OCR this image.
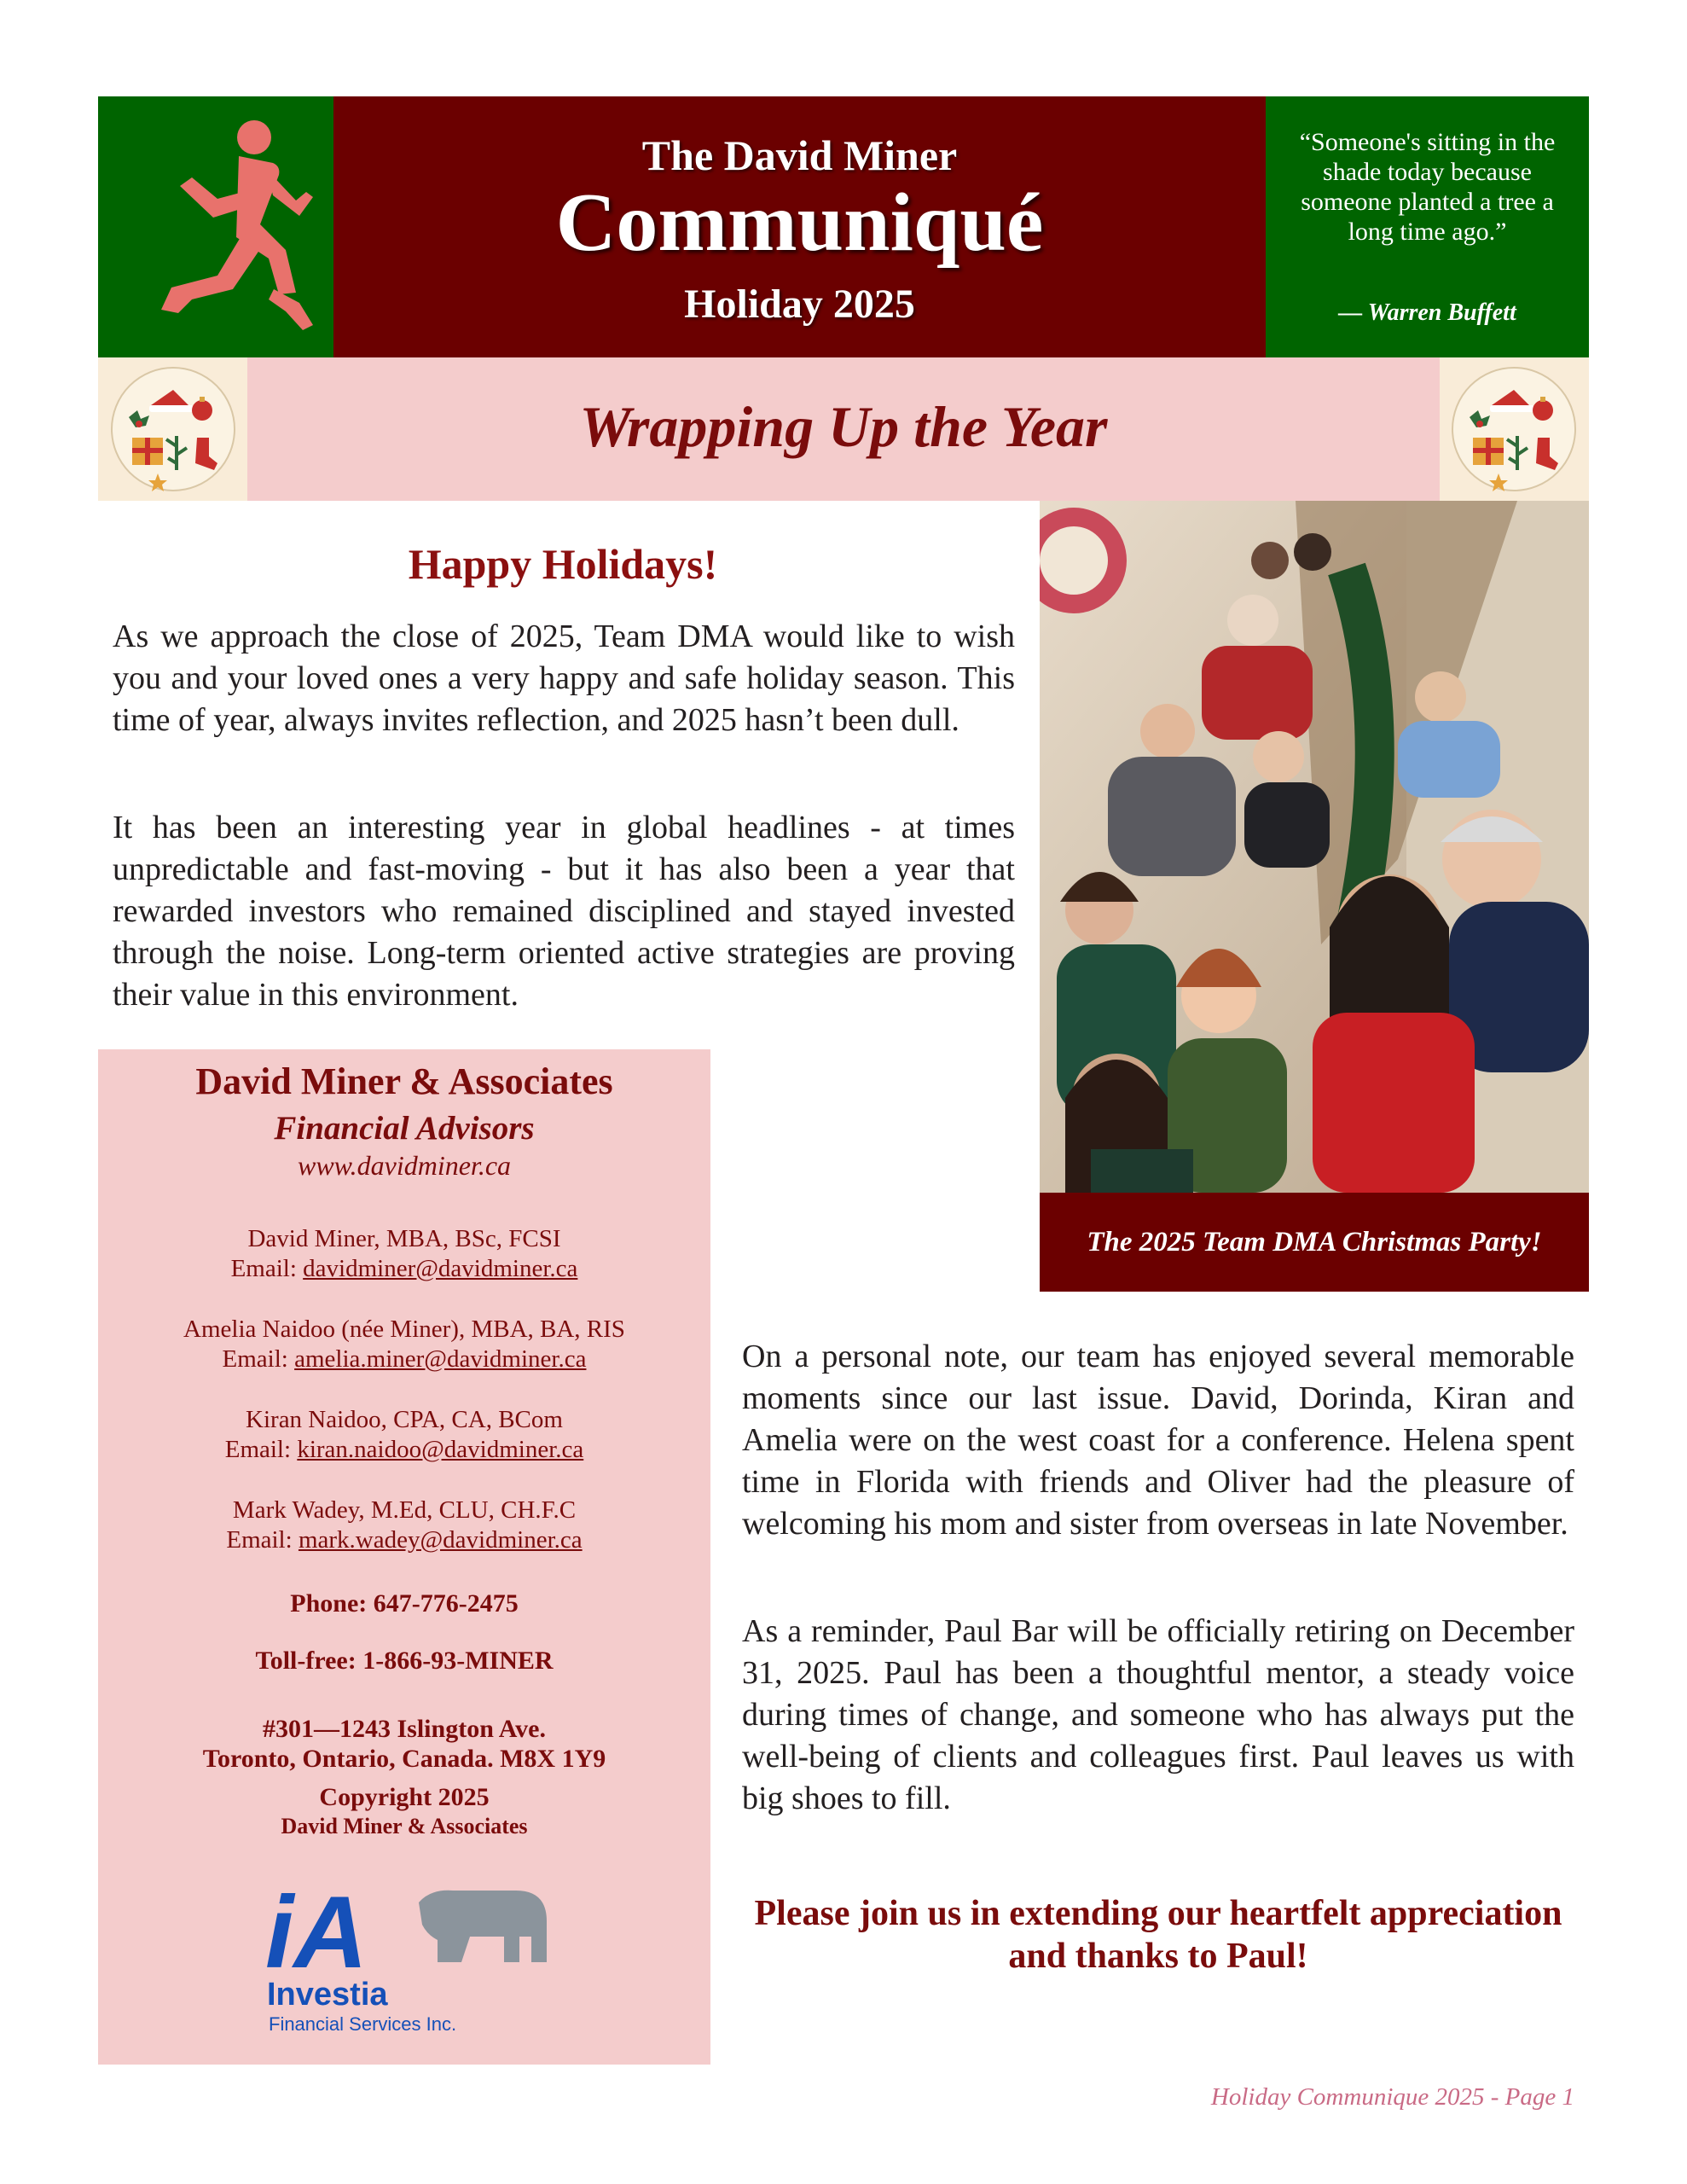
The David Miner
Communiqué
Holiday 2025
“Someone's sitting in the shade today because someone planted a tree a long time ago.”
— Warren Buffett
Wrapping Up the Year
Happy Holidays!
As we approach the close of 2025, Team DMA would like to wish you and your loved ones a very happy and safe holiday season. This time of year, always invites reflection, and 2025 hasn’t been dull.
It has been an interesting year in global headlines - at times unpredictable and fast-moving - but it has also been a year that rewarded investors who remained disciplined and stayed invested through the noise. Long-term oriented active strategies are proving their value in this environment.
The 2025 Team DMA Christmas Party!
David Miner & Associates
Financial Advisors
www.davidminer.ca
David Miner, MBA, BSc, FCSI
Email: davidminer@davidminer.ca
Amelia Naidoo (née Miner), MBA, BA, RIS
Email: amelia.miner@davidminer.ca
Kiran Naidoo, CPA, CA, BCom
Email: kiran.naidoo@davidminer.ca
Mark Wadey, M.Ed, CLU, CH.F.C
Email: mark.wadey@davidminer.ca
Phone: 647-776-2475
Toll-free: 1-866-93-MINER
#301—1243 Islington Ave.
Toronto, Ontario, Canada. M8X 1Y9
Copyright 2025
David Miner & Associates
iA
Investia
Financial Services Inc.
On a personal note, our team has enjoyed several memorable moments since our last issue. David, Dorinda, Kiran and Amelia were on the west coast for a conference. Helena spent time in Florida with friends and Oliver had the pleasure of welcoming his mom and sister from overseas in late November.
As a reminder, Paul Bar will be officially retiring on December 31, 2025. Paul has been a thoughtful mentor, a steady voice during times of change, and someone who has always put the well-being of clients and colleagues first. Paul leaves us with big shoes to fill.
Please join us in extending our heartfelt appreciation and thanks to Paul!
Holiday Communique 2025 - Page 1
